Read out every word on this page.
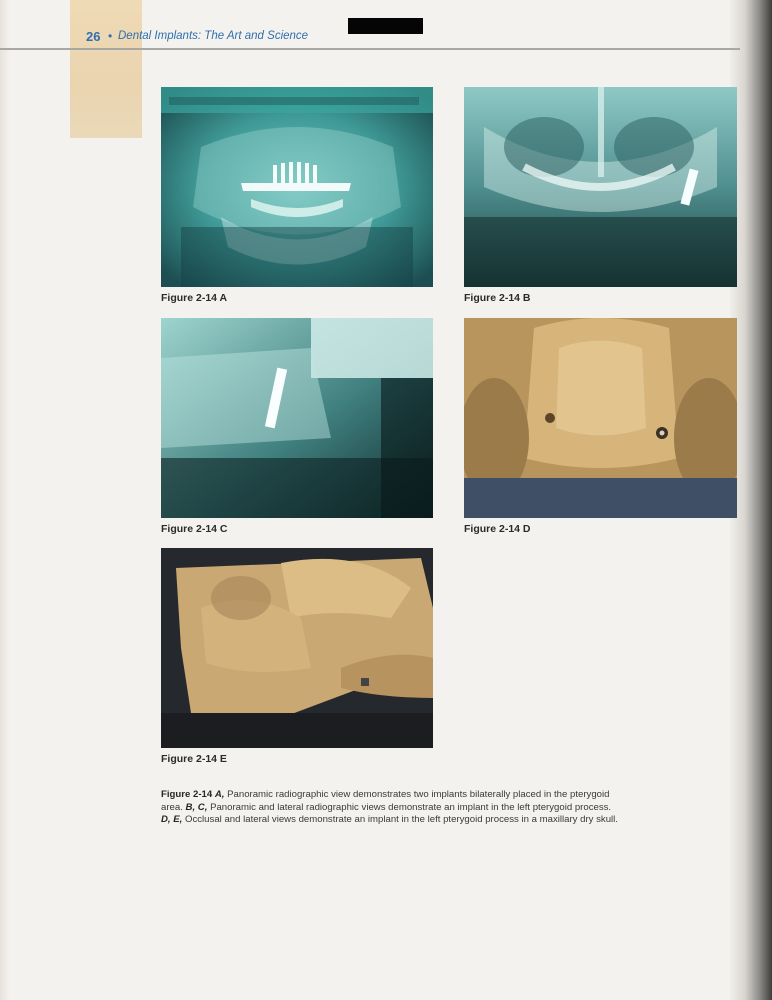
26 • Dental Implants: The Art and Science
Figure 2-14 A	Figure 2-14 B
Figure 2-14 C	Figure 2-14 D
Figure 2-14 E
Figure 2-14 A, Panoramic radiographic view demonstrates two implants bilaterally placed in the pterygoid area. B, C, Panoramic and lateral radiographic views demonstrate an implant in the left pterygoid process. D, E, Occlusal and lateral views demonstrate an implant in the left pterygoid process in a maxillary dry skull.
